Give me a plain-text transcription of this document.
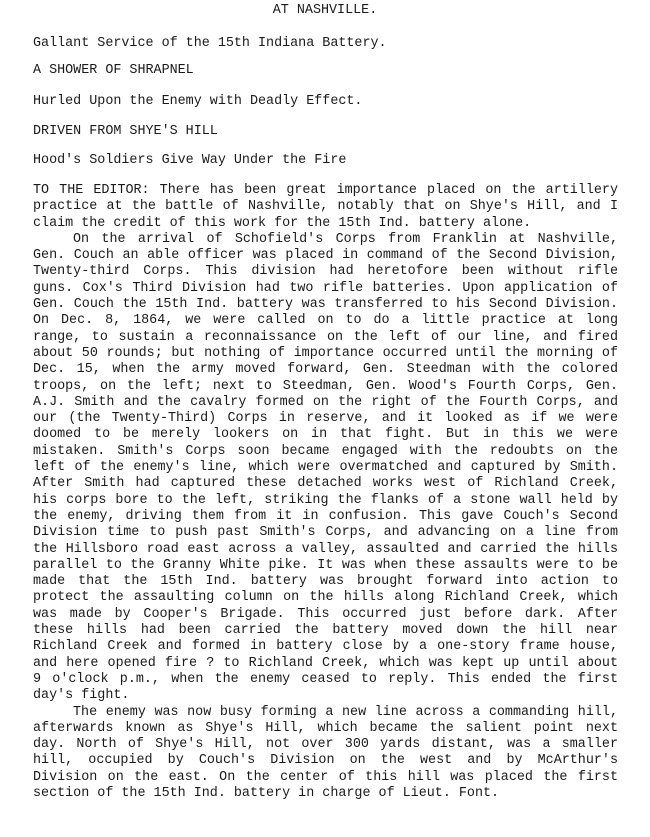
AT NASHVILLE.
Gallant Service of the 15th Indiana Battery.
A SHOWER OF SHRAPNEL
Hurled Upon the Enemy with Deadly Effect.
DRIVEN FROM SHYE'S HILL
Hood's Soldiers Give Way Under the Fire

TO THE EDITOR: There has been great importance placed on the artillery practice at the battle of Nashville, notably that on Shye's Hill, and I claim the credit of this work for the 15th Ind. battery alone.

On the arrival of Schofield's Corps from Franklin at Nashville, Gen. Couch an able officer was placed in command of the Second Division, Twenty-third Corps. This division had heretofore been without rifle guns. Cox's Third Division had two rifle batteries. Upon application of Gen. Couch the 15th Ind. battery was transferred to his Second Division. On Dec. 8, 1864, we were called on to do a little practice at long range, to sustain a reconnaissance on the left of our line, and fired about 50 rounds; but nothing of importance occurred until the morning of Dec. 15, when the army moved forward, Gen. Steedman with the colored troops, on the left; next to Steedman, Gen. Wood's Fourth Corps, Gen. A.J. Smith and the cavalry formed on the right of the Fourth Corps, and our (the Twenty-Third) Corps in reserve, and it looked as if we were doomed to be merely lookers on in that fight. But in this we were mistaken. Smith's Corps soon became engaged with the redoubts on the left of the enemy's line, which were overmatched and captured by Smith. After Smith had captured these detached works west of Richland Creek, his corps bore to the left, striking the flanks of a stone wall held by the enemy, driving them from it in confusion. This gave Couch's Second Division time to push past Smith's Corps, and advancing on a line from the Hillsboro road east across a valley, assaulted and carried the hills parallel to the Granny White pike. It was when these assaults were to be made that the 15th Ind. battery was brought forward into action to protect the assaulting column on the hills along Richland Creek, which was made by Cooper's Brigade. This occurred just before dark. After these hills had been carried the battery moved down the hill near Richland Creek and formed in battery close by a one-story frame house, and here opened fire ? to Richland Creek, which was kept up until about 9 o'clock p.m., when the enemy ceased to reply. This ended the first day's fight.

The enemy was now busy forming a new line across a commanding hill, afterwards known as Shye's Hill, which became the salient point next day. North of Shye's Hill, not over 300 yards distant, was a smaller hill, occupied by Couch's Division on the west and by McArthur's Division on the east. On the center of this hill was placed the first section of the 15th Ind. battery in charge of Lieut. Font.
